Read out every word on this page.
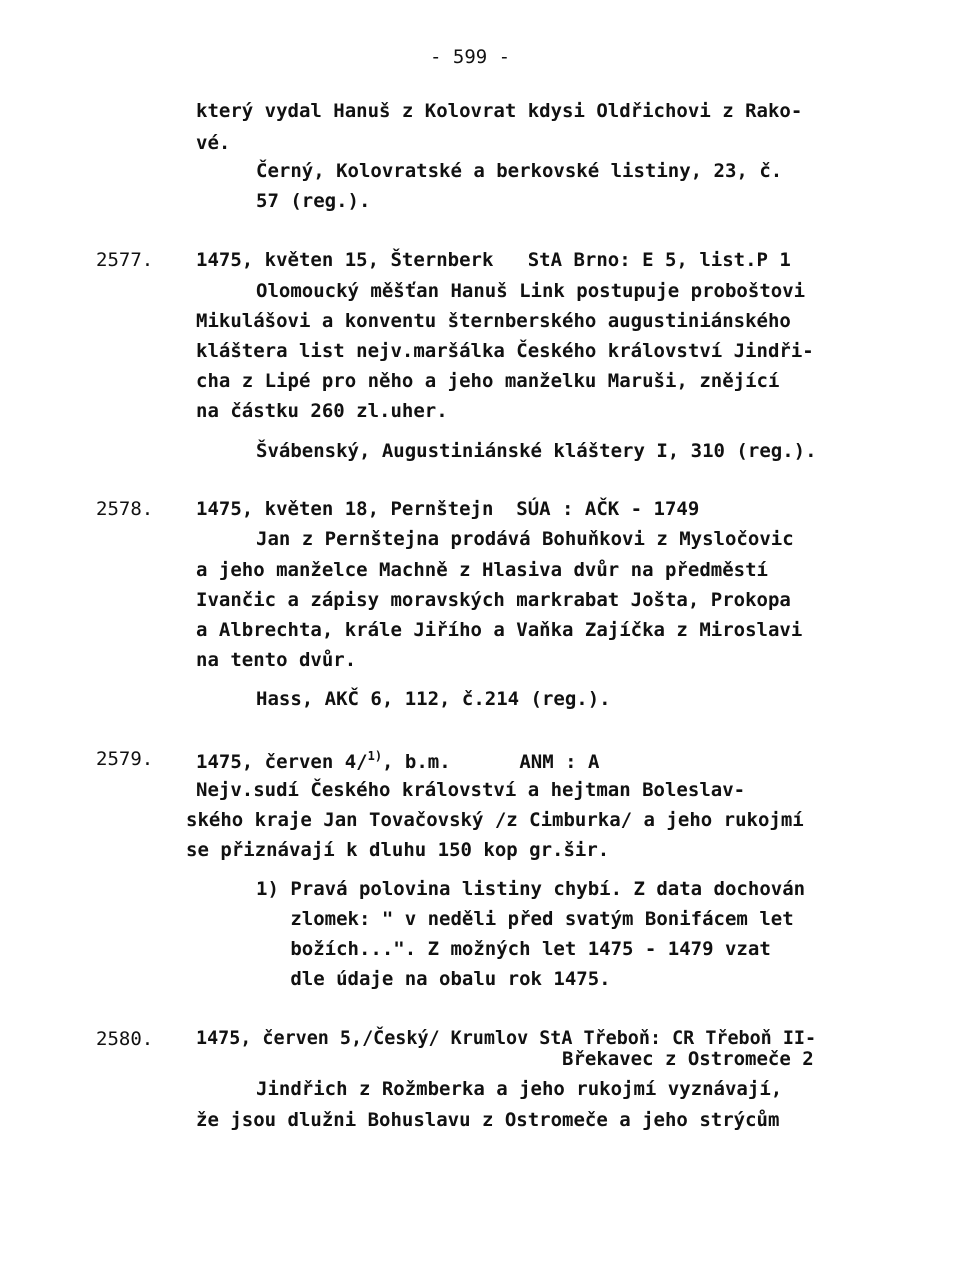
- 599 -
který vydal Hanuš z Kolovrat kdysi Oldřichovi z Rako-
vé.
Černý, Kolovratské a berkovské listiny, 23, č.
57 (reg.).
2577. 1475, květen 15, Šternberk   StA Brno: E 5, list.P 1
Olomoucký měšťan Hanuš Link postupuje proboštovi
Mikulášovi a konventu šternberského augustiniánského
kláštera list nejv.maršálka Českého království Jindři-
cha z Lipé pro něho a jeho manželku Maruši, znějící
na částku 260 zl.uher.
Švábenský, Augustiniánské kláštery I, 310 (reg.).
2578. 1475, květen 18, Pernštejn  SÚA : AČK - 1749
Jan z Pernštejna prodává Bohuňkovi z Mysločovic
a jeho manželce Machně z Hlasiva dvůr na předměstí
Ivančic a zápisy moravských markrabat Jošta, Prokopa
a Albrechta, krále Jiřího a Vaňka Zajíčka z Miroslavi
na tento dvůr.
Hass, AKČ 6, 112, č.214 (reg.).
2579. 1475, červen 4/$^{1)}$, b.m.      ANM : A
Nejv.sudí Českého království a hejtman Boleslav-
ského kraje Jan Tovačovský /z Cimburka/ a jeho rukojmí
se přiznávají k dluhu 150 kop gr.šir.
1) Pravá polovina listiny chybí. Z data dochován
zlomek: " v neděli před svatým Bonifácem let
božích...". Z možných let 1475 - 1479 vzat
dle údaje na obalu rok 1475.
2580. 1475, červen 5,/Český/ Krumlov StA Třeboň: CR Třeboň II-
Břekavec z Ostromeče 2
Jindřich z Rožmberka a jeho rukojmí vyznávají,
že jsou dlužni Bohuslavu z Ostromeče a jeho strýcům
